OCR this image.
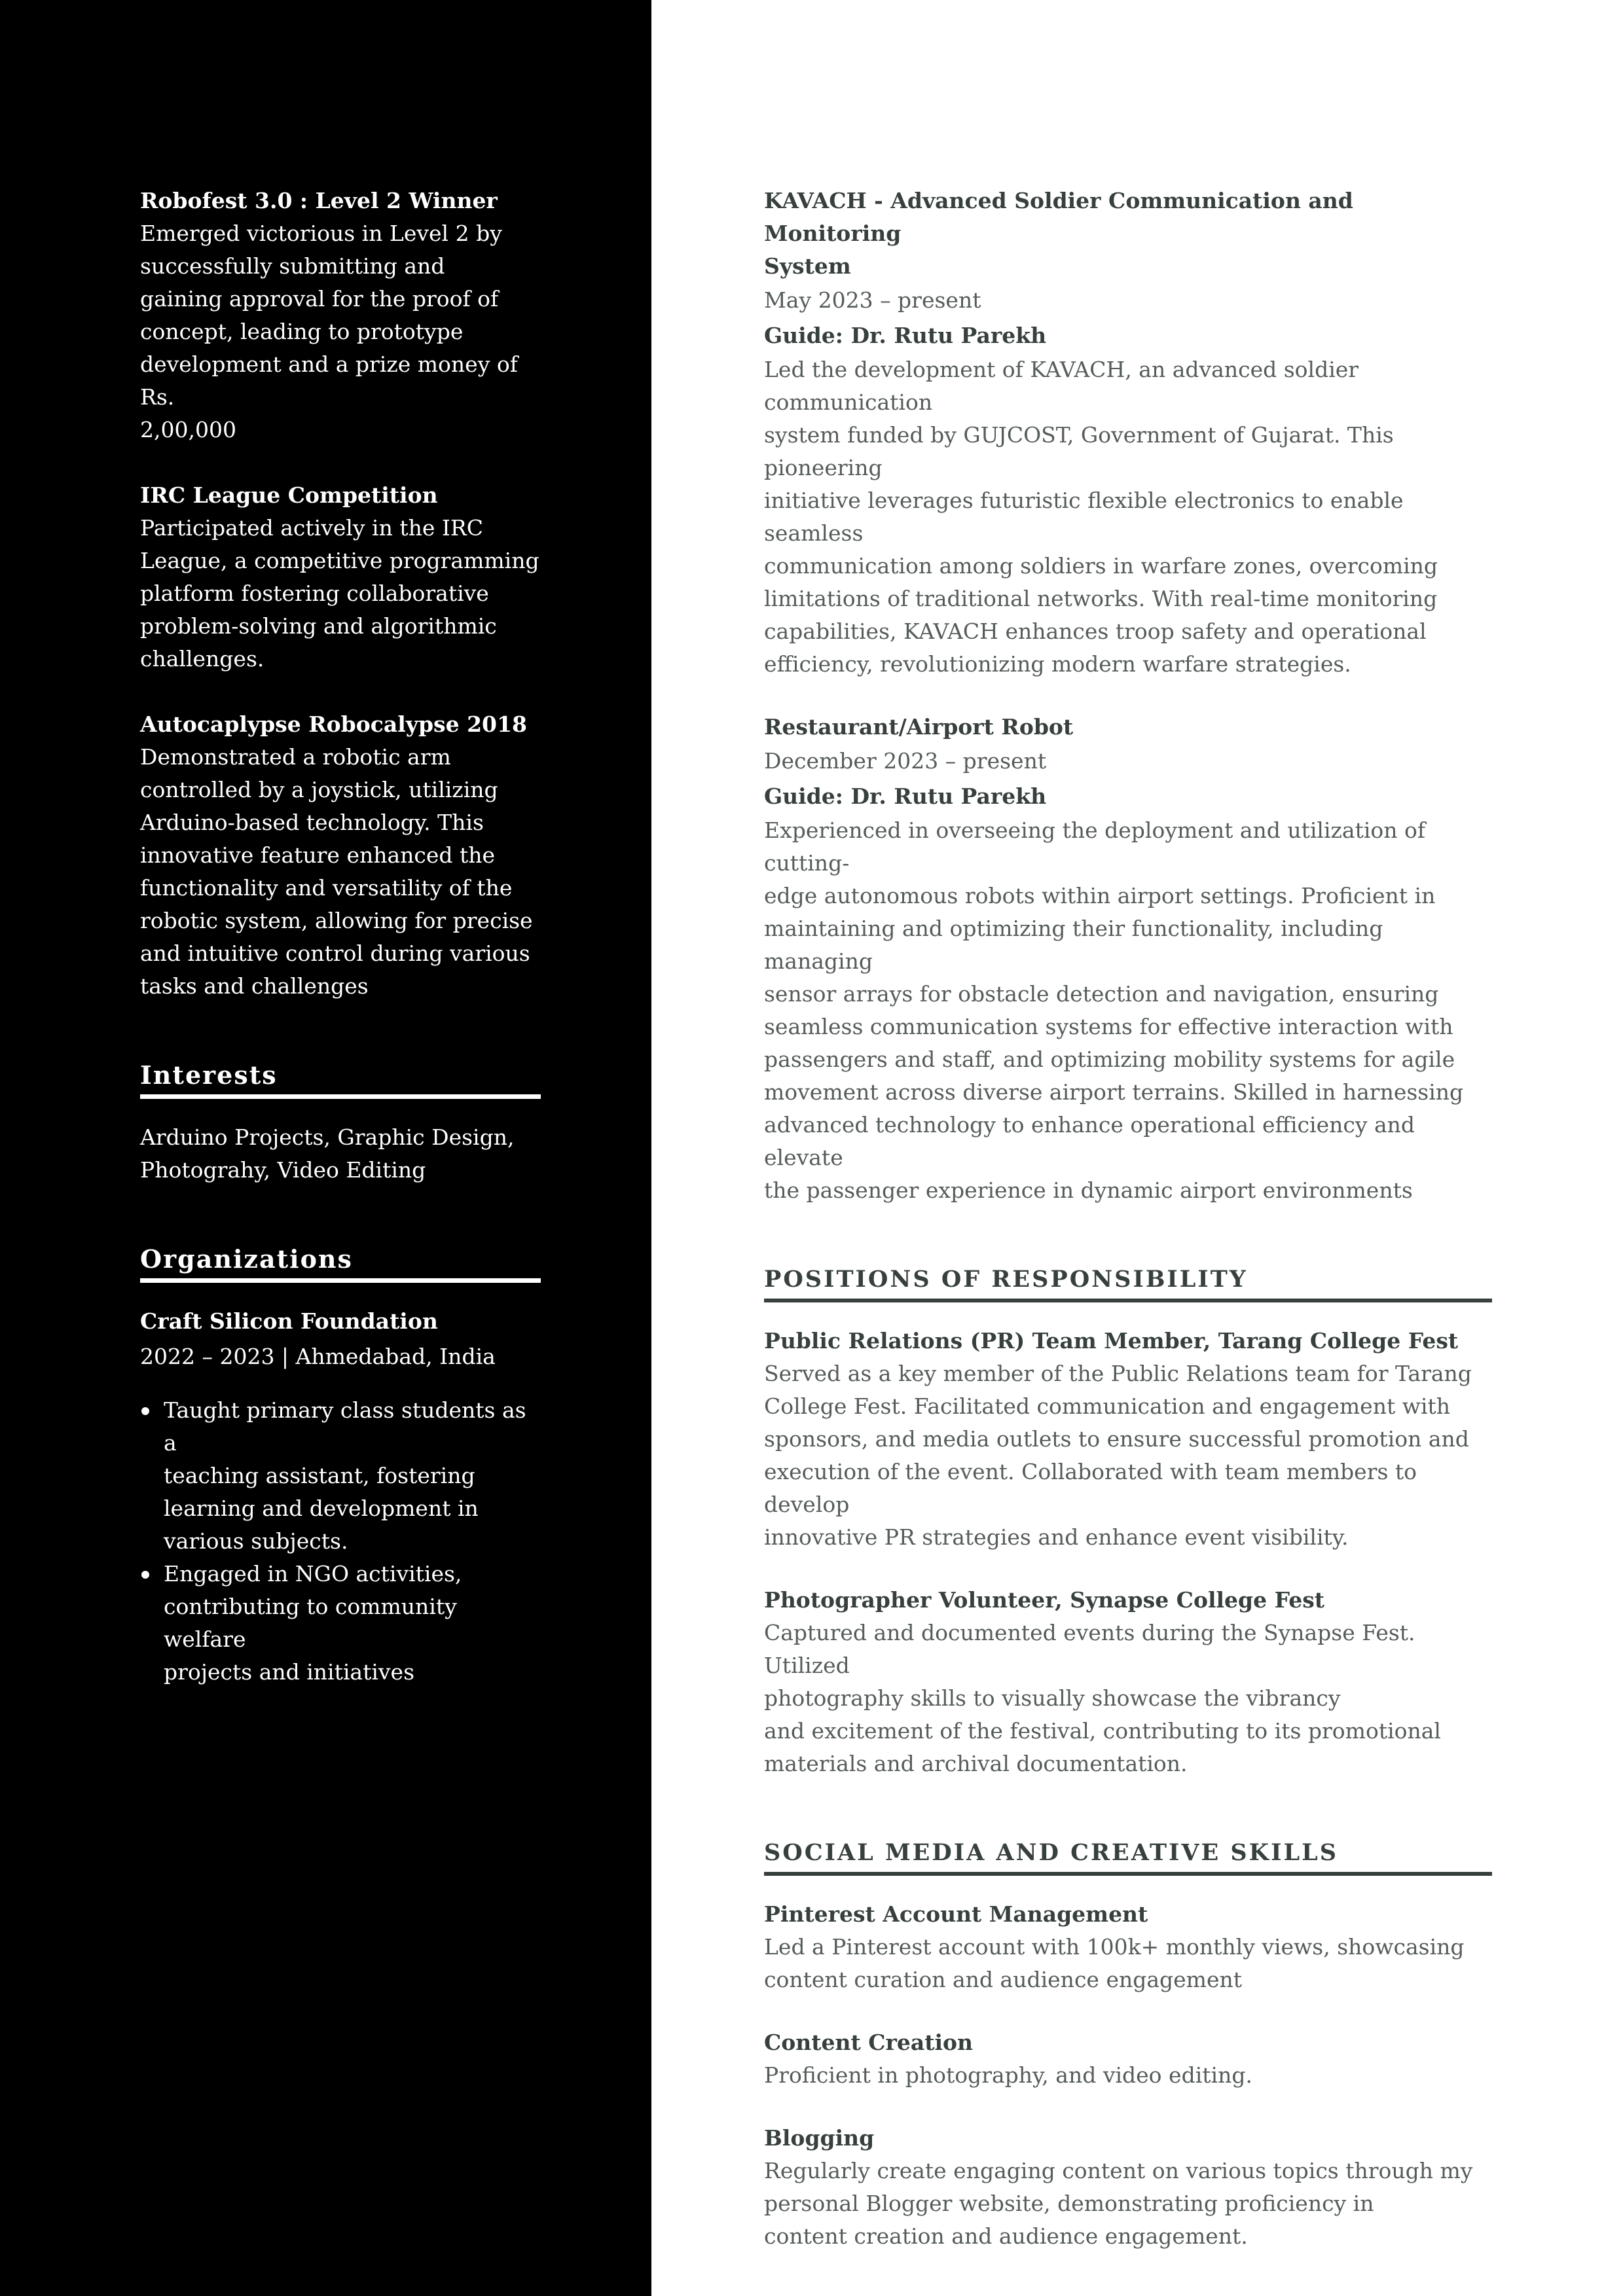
Robofest 3.0 : Level 2 Winner

Emerged victorious in Level 2 by

successfully submitting and

gaining approval for the proof of

concept, leading to prototype

development and a prize money of Rs.

2,00,000

IRC League Competition

Participated actively in the IRC

League, a competitive programming

platform fostering collaborative

problem-solving and algorithmic

challenges.

Autocaplypse Robocalypse 2018

Demonstrated a robotic arm

controlled by a joystick, utilizing

Arduino-based technology. This

innovative feature enhanced the

functionality and versatility of the

robotic system, allowing for precise

and intuitive control during various

tasks and challenges

Interests

Arduino Projects, Graphic Design,

Photograhy, Video Editing

Organizations

Craft Silicon Foundation

2022 – 2023 | Ahmedabad, India

Taught primary class students as a
teaching assistant, fostering
learning and development in
various subjects.
Engaged in NGO activities,
contributing to community welfare
projects and initiatives

KAVACH - Advanced Soldier Communication and Monitoring

System

May 2023 – present

Guide: Dr. Rutu Parekh

Led the development of KAVACH, an advanced soldier communication

system funded by GUJCOST, Government of Gujarat. This pioneering

initiative leverages futuristic flexible electronics to enable seamless

communication among soldiers in warfare zones, overcoming

limitations of traditional networks. With real-time monitoring

capabilities, KAVACH enhances troop safety and operational

efficiency, revolutionizing modern warfare strategies.

Restaurant/Airport Robot

December 2023 – present

Guide: Dr. Rutu Parekh

Experienced in overseeing the deployment and utilization of cutting-

edge autonomous robots within airport settings. Proficient in

maintaining and optimizing their functionality, including managing

sensor arrays for obstacle detection and navigation, ensuring

seamless communication systems for effective interaction with

passengers and staff, and optimizing mobility systems for agile

movement across diverse airport terrains. Skilled in harnessing

advanced technology to enhance operational efficiency and elevate

the passenger experience in dynamic airport environments

POSITIONS OF RESPONSIBILITY

Public Relations (PR) Team Member, Tarang College Fest

Served as a key member of the Public Relations team for Tarang

College Fest. Facilitated communication and engagement with

sponsors, and media outlets to ensure successful promotion and

execution of the event. Collaborated with team members to develop

innovative PR strategies and enhance event visibility.

Photographer Volunteer, Synapse College Fest

Captured and documented events during the Synapse Fest. Utilized

photography skills to visually showcase the vibrancy

and excitement of the festival, contributing to its promotional

materials and archival documentation.

SOCIAL MEDIA AND CREATIVE SKILLS

Pinterest Account Management

Led a Pinterest account with 100k+ monthly views, showcasing

content curation and audience engagement

Content Creation

Proficient in photography, and video editing.

Blogging

Regularly create engaging content on various topics through my

personal Blogger website, demonstrating proficiency in

content creation and audience engagement.
